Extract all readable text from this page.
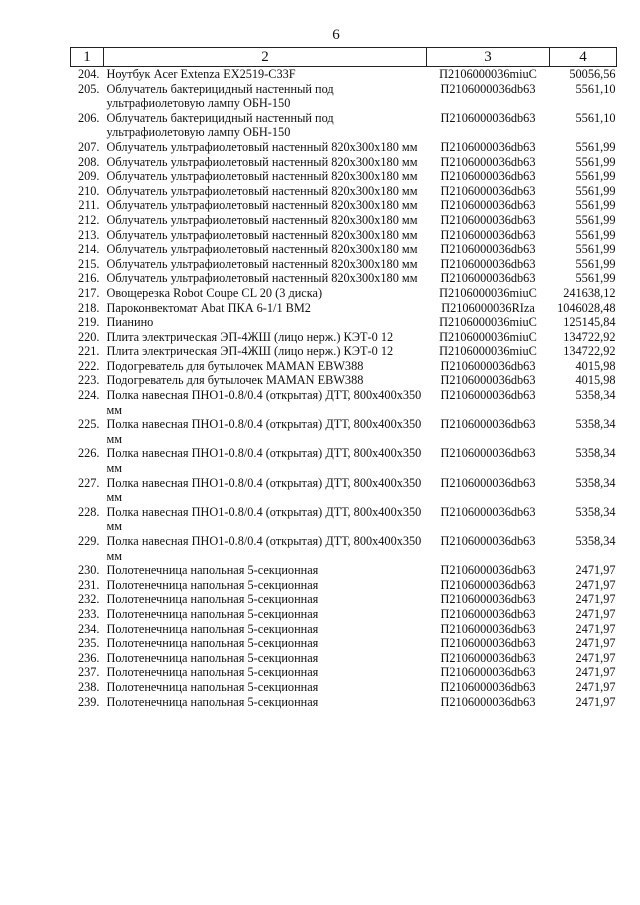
6
1	2	3	4
204.	Ноутбук Acer Extenza EX2519-C33F	П2106000036miuC	50056,56
205.	Облучатель бактерицидный настенный под ультрафиолетовую лампу ОБН-150	П2106000036db63	5561,10
206.	Облучатель бактерицидный настенный под ультрафиолетовую лампу ОБН-150	П2106000036db63	5561,10
207.	Облучатель ультрафиолетовый настенный 820x300x180 мм	П2106000036db63	5561,99
208.	Облучатель ультрафиолетовый настенный 820x300x180 мм	П2106000036db63	5561,99
209.	Облучатель ультрафиолетовый настенный 820x300x180 мм	П2106000036db63	5561,99
210.	Облучатель ультрафиолетовый настенный 820x300x180 мм	П2106000036db63	5561,99
211.	Облучатель ультрафиолетовый настенный 820x300x180 мм	П2106000036db63	5561,99
212.	Облучатель ультрафиолетовый настенный 820x300x180 мм	П2106000036db63	5561,99
213.	Облучатель ультрафиолетовый настенный 820x300x180 мм	П2106000036db63	5561,99
214.	Облучатель ультрафиолетовый настенный 820x300x180 мм	П2106000036db63	5561,99
215.	Облучатель ультрафиолетовый настенный 820x300x180 мм	П2106000036db63	5561,99
216.	Облучатель ультрафиолетовый настенный 820x300x180 мм	П2106000036db63	5561,99
217.	Овощерезка Robot Coupe CL 20 (3 диска)	П2106000036miuC	241638,12
218.	Пароконвектомат Abat ПКА 6-1/1 ВМ2	П2106000036RIza	1046028,48
219.	Пианино	П2106000036miuC	125145,84
220.	Плита электрическая ЭП-4ЖШ (лицо нерж.) КЭТ-0 12	П2106000036miuC	134722,92
221.	Плита электрическая ЭП-4ЖШ (лицо нерж.) КЭТ-0 12	П2106000036miuC	134722,92
222.	Подогреватель для бутылочек MAMAN EBW388	П2106000036db63	4015,98
223.	Подогреватель для бутылочек MAMAN EBW388	П2106000036db63	4015,98
224.	Полка навесная ПНО1-0.8/0.4 (открытая) ДТТ, 800x400x350 мм	П2106000036db63	5358,34
225.	Полка навесная ПНО1-0.8/0.4 (открытая) ДТТ, 800x400x350 мм	П2106000036db63	5358,34
226.	Полка навесная ПНО1-0.8/0.4 (открытая) ДТТ, 800x400x350 мм	П2106000036db63	5358,34
227.	Полка навесная ПНО1-0.8/0.4 (открытая) ДТТ, 800x400x350 мм	П2106000036db63	5358,34
228.	Полка навесная ПНО1-0.8/0.4 (открытая) ДТТ, 800x400x350 мм	П2106000036db63	5358,34
229.	Полка навесная ПНО1-0.8/0.4 (открытая) ДТТ, 800x400x350 мм	П2106000036db63	5358,34
230.	Полотенечница напольная 5-секционная	П2106000036db63	2471,97
231.	Полотенечница напольная 5-секционная	П2106000036db63	2471,97
232.	Полотенечница напольная 5-секционная	П2106000036db63	2471,97
233.	Полотенечница напольная 5-секционная	П2106000036db63	2471,97
234.	Полотенечница напольная 5-секционная	П2106000036db63	2471,97
235.	Полотенечница напольная 5-секционная	П2106000036db63	2471,97
236.	Полотенечница напольная 5-секционная	П2106000036db63	2471,97
237.	Полотенечница напольная 5-секционная	П2106000036db63	2471,97
238.	Полотенечница напольная 5-секционная	П2106000036db63	2471,97
239.	Полотенечница напольная 5-секционная	П2106000036db63	2471,97
